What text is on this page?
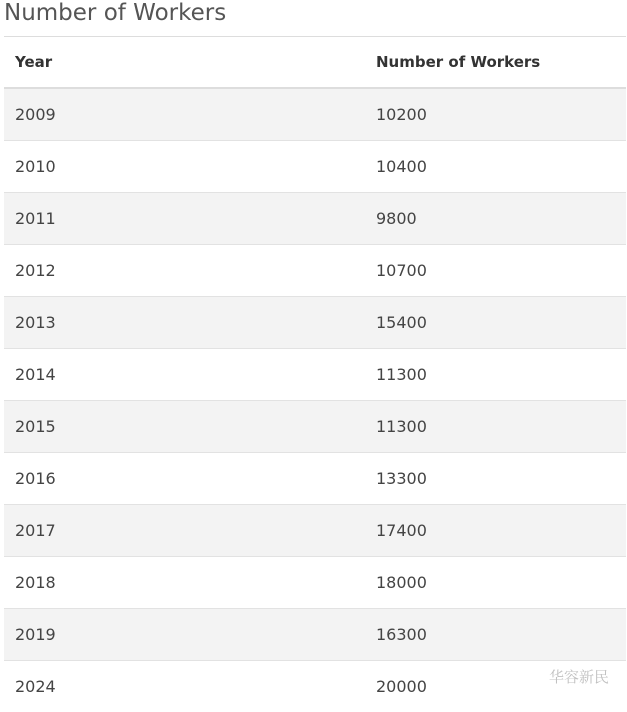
Number of Workers
Year	Number of Workers
2009	10200
2010	10400
2011	9800
2012	10700
2013	15400
2014	11300
2015	11300
2016	13300
2017	17400
2018	18000
2019	16300
2024	20000	华容新民
